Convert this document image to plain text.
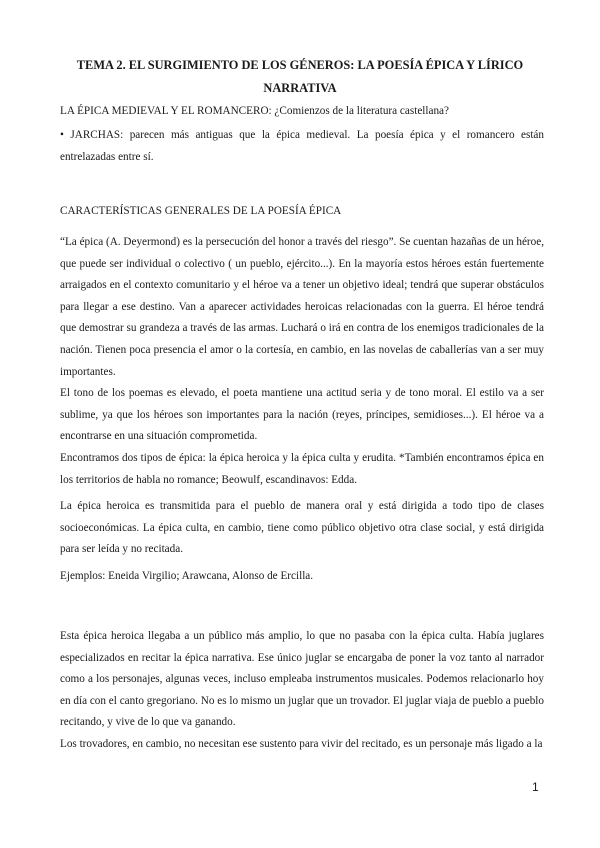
TEMA 2. EL SURGIMIENTO DE LOS GÉNEROS: LA POESÍA ÉPICA Y LÍRICO NARRATIVA
LA ÉPICA MEDIEVAL Y EL ROMANCERO: ¿Comienzos de la literatura castellana?
• JARCHAS: parecen más antiguas que la épica medieval. La poesía épica y el romancero están entrelazadas entre sí.
CARACTERÍSTICAS GENERALES DE LA POESÍA ÉPICA
“La épica (A. Deyermond) es la persecución del honor a través del riesgo”. Se cuentan hazañas de un héroe, que puede ser individual o colectivo ( un pueblo, ejército...). En la mayoría estos héroes están fuertemente arraigados en el contexto comunitario y el héroe va a tener un objetivo ideal; tendrá que superar obstáculos para llegar a ese destino. Van a aparecer actividades heroicas relacionadas con la guerra. El héroe tendrá que demostrar su grandeza a través de las armas. Luchará o irá en contra de los enemigos tradicionales de la nación. Tienen poca presencia el amor o la cortesía, en cambio, en las novelas de caballerías van a ser muy importantes.
El tono de los poemas es elevado, el poeta mantiene una actitud seria y de tono moral. El estilo va a ser sublime, ya que los héroes son importantes para la nación (reyes, príncipes, semidioses...). El héroe va a encontrarse en una situación comprometida.
Encontramos dos tipos de épica: la épica heroica y la épica culta y erudita. *También encontramos épica en los territorios de habla no romance; Beowulf, escandinavos: Edda.
La épica heroica es transmitida para el pueblo de manera oral y está dirigida a todo tipo de clases socioeconómicas. La épica culta, en cambio, tiene como público objetivo otra clase social, y está dirigida para ser leída y no recitada.
Ejemplos: Eneida Virgilio; Arawcana, Alonso de Ercilla.
Esta épica heroica llegaba a un público más amplio, lo que no pasaba con la épica culta. Había juglares especializados en recitar la épica narrativa. Ese único juglar se encargaba de poner la voz tanto al narrador como a los personajes, algunas veces, incluso empleaba instrumentos musicales. Podemos relacionarlo hoy en día con el canto gregoriano. No es lo mismo un juglar que un trovador. El juglar viaja de pueblo a pueblo recitando, y vive de lo que va ganando.
Los trovadores, en cambio, no necesitan ese sustento para vivir del recitado, es un personaje más ligado a la
1
